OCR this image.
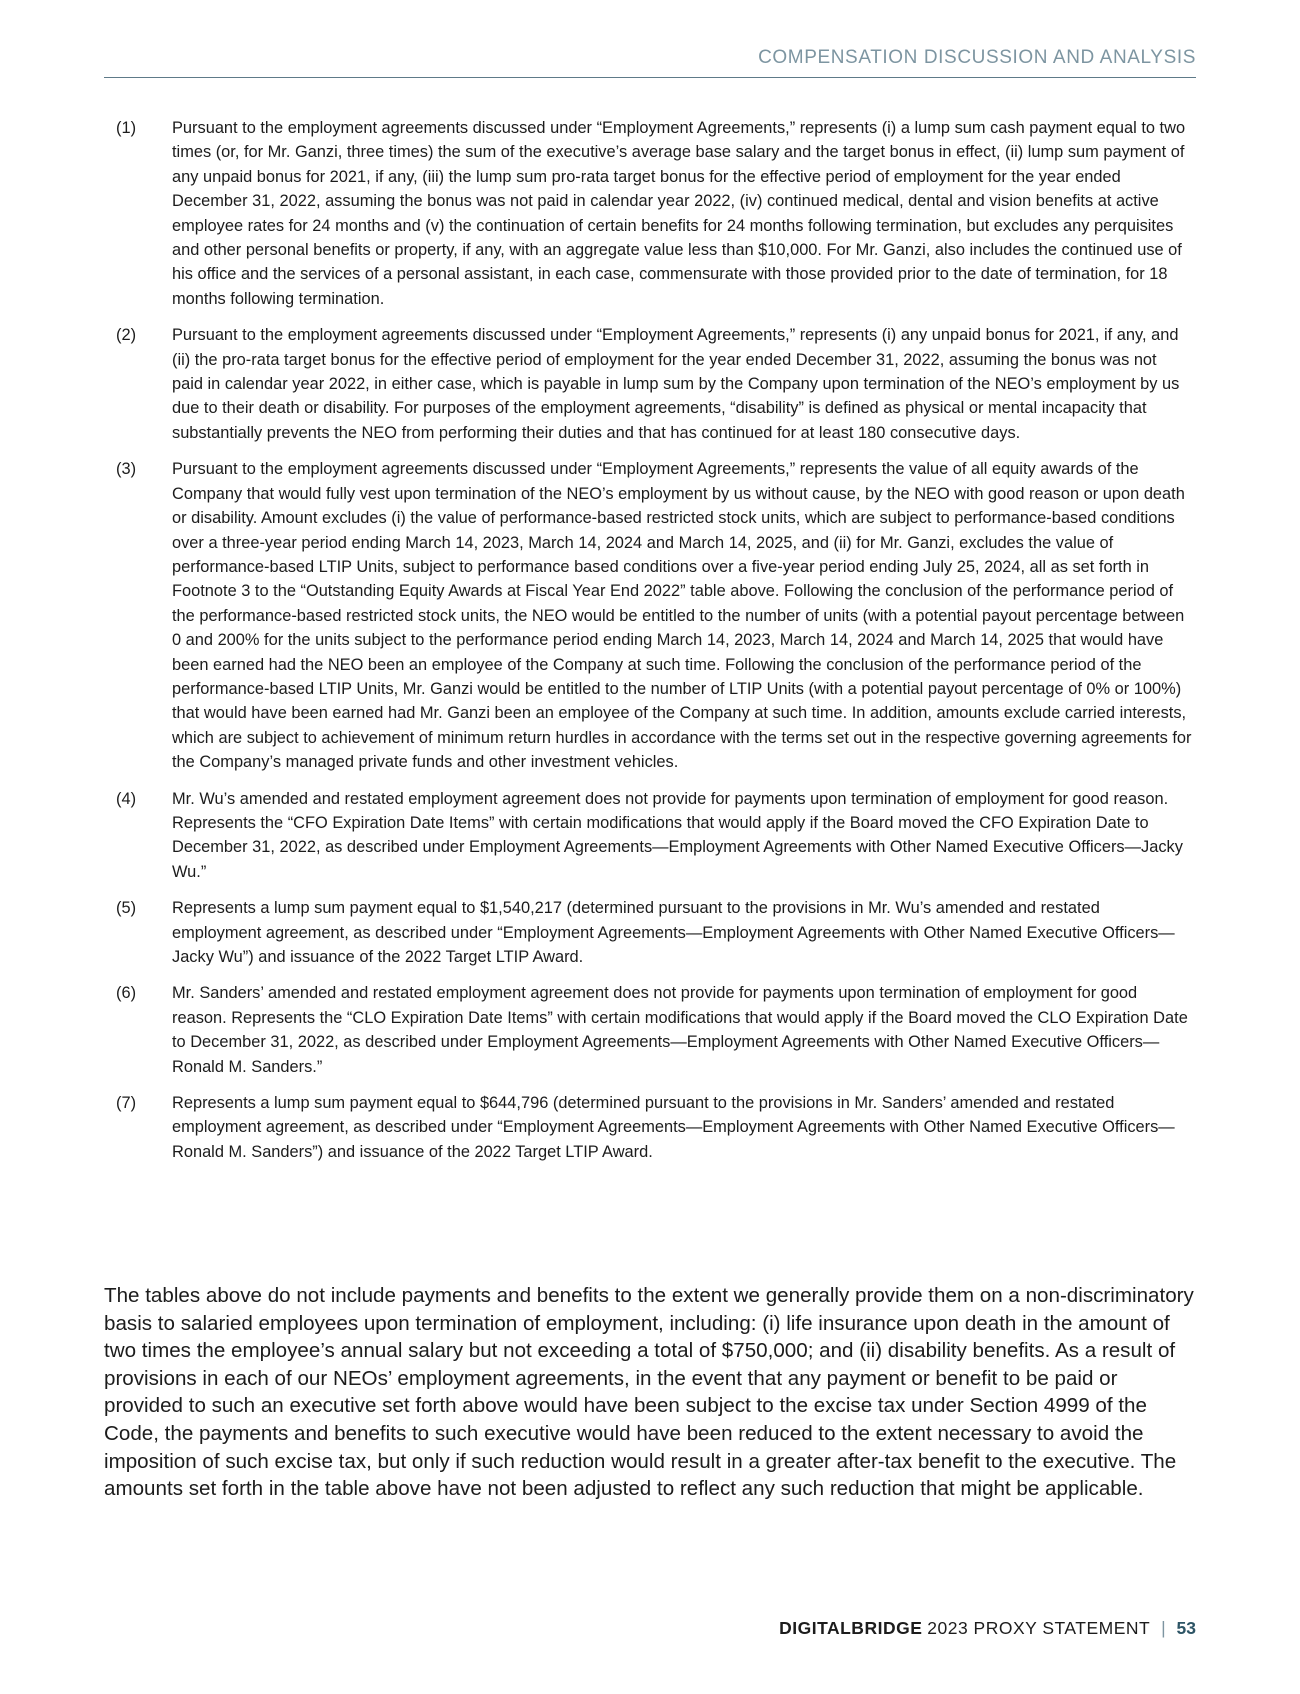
COMPENSATION DISCUSSION AND ANALYSIS
(1)	Pursuant to the employment agreements discussed under “Employment Agreements,” represents (i) a lump sum cash payment equal to two times (or, for Mr. Ganzi, three times) the sum of the executive’s average base salary and the target bonus in effect, (ii) lump sum payment of any unpaid bonus for 2021, if any, (iii) the lump sum pro-rata target bonus for the effective period of employment for the year ended December 31, 2022, assuming the bonus was not paid in calendar year 2022, (iv) continued medical, dental and vision benefits at active employee rates for 24 months and (v) the continuation of certain benefits for 24 months following termination, but excludes any perquisites and other personal benefits or property, if any, with an aggregate value less than $10,000. For Mr. Ganzi, also includes the continued use of his office and the services of a personal assistant, in each case, commensurate with those provided prior to the date of termination, for 18 months following termination.
(2)	Pursuant to the employment agreements discussed under “Employment Agreements,” represents (i) any unpaid bonus for 2021, if any, and (ii) the pro-rata target bonus for the effective period of employment for the year ended December 31, 2022, assuming the bonus was not paid in calendar year 2022, in either case, which is payable in lump sum by the Company upon termination of the NEO’s employment by us due to their death or disability. For purposes of the employment agreements, “disability” is defined as physical or mental incapacity that substantially prevents the NEO from performing their duties and that has continued for at least 180 consecutive days.
(3)	Pursuant to the employment agreements discussed under “Employment Agreements,” represents the value of all equity awards of the Company that would fully vest upon termination of the NEO’s employment by us without cause, by the NEO with good reason or upon death or disability. Amount excludes (i) the value of performance-based restricted stock units, which are subject to performance-based conditions over a three-year period ending March 14, 2023, March 14, 2024 and March 14, 2025, and (ii) for Mr. Ganzi, excludes the value of performance-based LTIP Units, subject to performance based conditions over a five-year period ending July 25, 2024, all as set forth in Footnote 3 to the “Outstanding Equity Awards at Fiscal Year End 2022” table above. Following the conclusion of the performance period of the performance-based restricted stock units, the NEO would be entitled to the number of units (with a potential payout percentage between 0 and 200% for the units subject to the performance period ending March 14, 2023, March 14, 2024 and March 14, 2025 that would have been earned had the NEO been an employee of the Company at such time. Following the conclusion of the performance period of the performance-based LTIP Units, Mr. Ganzi would be entitled to the number of LTIP Units (with a potential payout percentage of 0% or 100%) that would have been earned had Mr. Ganzi been an employee of the Company at such time. In addition, amounts exclude carried interests, which are subject to achievement of minimum return hurdles in accordance with the terms set out in the respective governing agreements for the Company’s managed private funds and other investment vehicles.
(4)	Mr. Wu’s amended and restated employment agreement does not provide for payments upon termination of employment for good reason. Represents the “CFO Expiration Date Items” with certain modifications that would apply if the Board moved the CFO Expiration Date to December 31, 2022, as described under Employment Agreements—Employment Agreements with Other Named Executive Officers—Jacky Wu.”
(5)	Represents a lump sum payment equal to $1,540,217 (determined pursuant to the provisions in Mr. Wu’s amended and restated employment agreement, as described under “Employment Agreements—Employment Agreements with Other Named Executive Officers—Jacky Wu”) and issuance of the 2022 Target LTIP Award.
(6)	Mr. Sanders’ amended and restated employment agreement does not provide for payments upon termination of employment for good reason. Represents the “CLO Expiration Date Items” with certain modifications that would apply if the Board moved the CLO Expiration Date to December 31, 2022, as described under Employment Agreements—Employment Agreements with Other Named Executive Officers—Ronald M. Sanders.”
(7)	Represents a lump sum payment equal to $644,796 (determined pursuant to the provisions in Mr. Sanders’ amended and restated employment agreement, as described under “Employment Agreements—Employment Agreements with Other Named Executive Officers—Ronald M. Sanders”) and issuance of the 2022 Target LTIP Award.

The tables above do not include payments and benefits to the extent we generally provide them on a non-discriminatory basis to salaried employees upon termination of employment, including: (i) life insurance upon death in the amount of two times the employee’s annual salary but not exceeding a total of $750,000; and (ii) disability benefits. As a result of provisions in each of our NEOs’ employment agreements, in the event that any payment or benefit to be paid or provided to such an executive set forth above would have been subject to the excise tax under Section 4999 of the Code, the payments and benefits to such executive would have been reduced to the extent necessary to avoid the imposition of such excise tax, but only if such reduction would result in a greater after-tax benefit to the executive. The amounts set forth in the table above have not been adjusted to reflect any such reduction that might be applicable.

DIGITALBRIDGE 2023 PROXY STATEMENT | 53
